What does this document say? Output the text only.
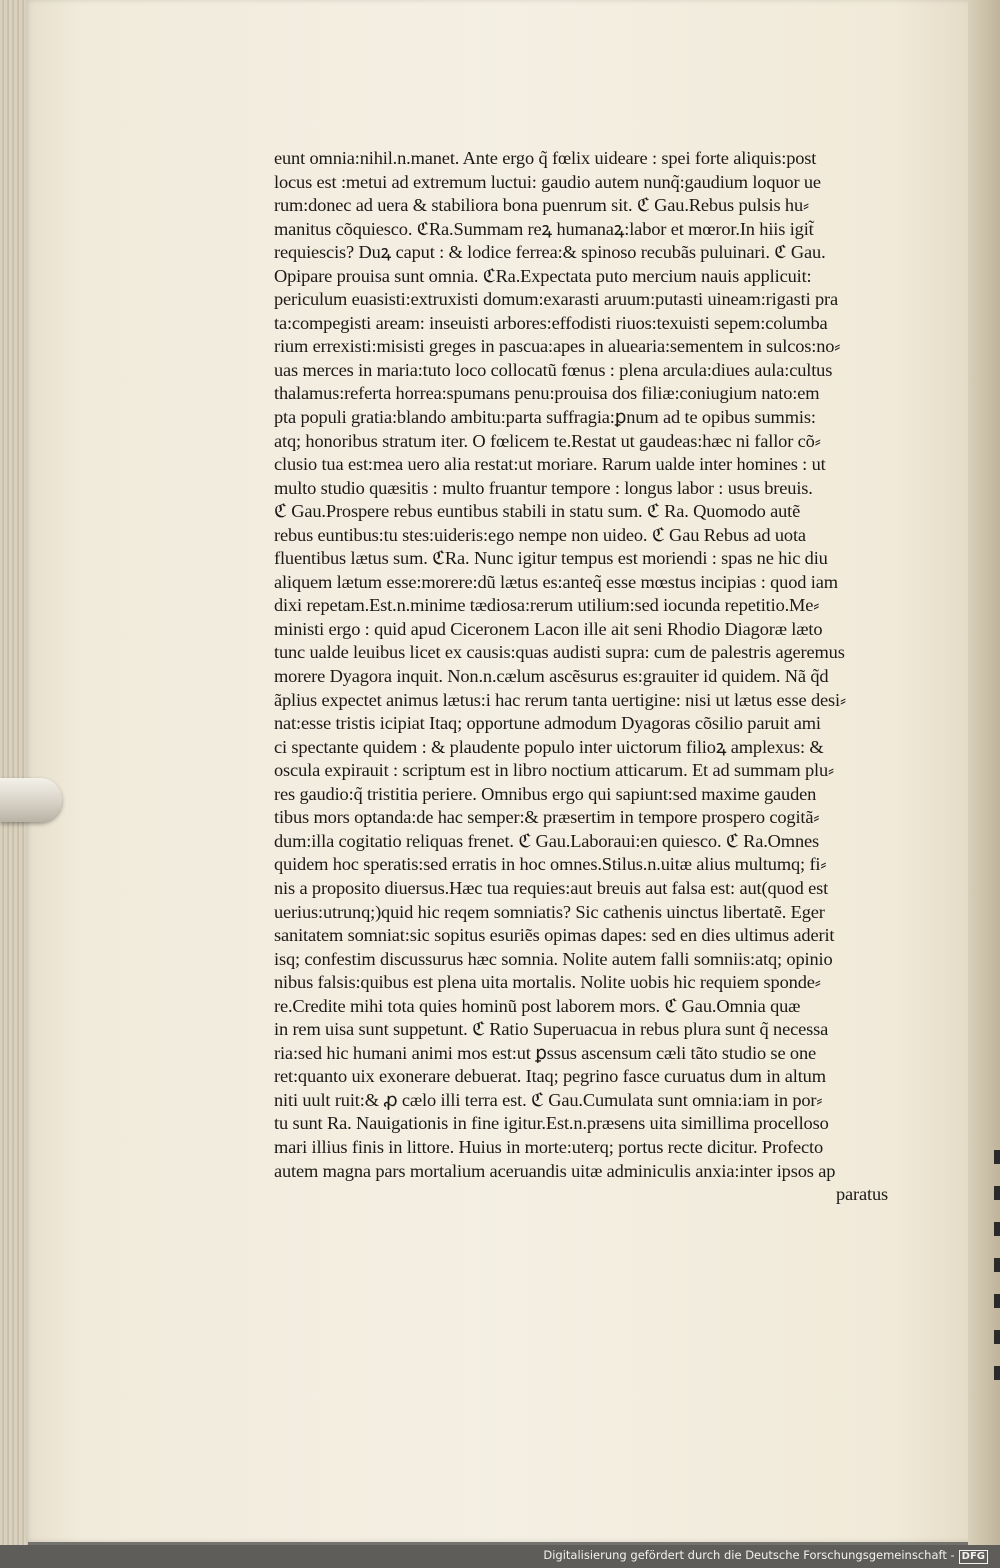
eunt omnia:nihil.n.manet. Ante ergo q̃ fœlix uideare : spei forte aliquis:post
locus est :metui ad extremum luctui: gaudio autem nunq̃:gaudium loquor ue
rum:donec ad uera & stabiliora bona puenrum sit. ℭ Gau.Rebus pulsis hu⸗
manitus cõquiesco. ℭRa.Summam reꝝ humanaꝝ:labor et mœror.In hiis igit̃
requiescis? Duꝝ caput : & lodice ferrea:& spinoso recubãs puluinari. ℭ Gau.
Opipare prouisa sunt omnia. ℭRa.Expectata puto mercium nauis applicuit:
periculum euasisti:extruxisti domum:exarasti aruum:putasti uineam:rigasti pra
ta:compegisti aream: inseuisti arbores:effodisti riuos:texuisti sepem:columba
rium errexisti:misisti greges in pascua:apes in aluearia:sementem in sulcos:no⸗
uas merces in maria:tuto loco collocatũ fœnus : plena arcula:diues aula:cultus
thalamus:referta horrea:spumans penu:prouisa dos filiæ:coniugium nato:em
pta populi gratia:blando ambitu:parta suffragia:ꝑnum ad te opibus summis:
atq; honoribus stratum iter. O fœlicem te.Restat ut gaudeas:hæc ni fallor cõ⸗
clusio tua est:mea uero alia restat:ut moriare. Rarum ualde inter homines : ut
multo studio quæsitis : multo fruantur tempore : longus labor : usus breuis.
ℭ Gau.Prospere rebus euntibus stabili in statu sum. ℭ Ra. Quomodo autẽ
rebus euntibus:tu stes:uideris:ego nempe non uideo. ℭ Gau Rebus ad uota
fluentibus lætus sum. ℭRa. Nunc igitur tempus est moriendi : spas ne hic diu
aliquem lætum esse:morere:dũ lætus es:anteq̃ esse mœstus incipias : quod iam
dixi repetam.Est.n.minime tædiosa:rerum utilium:sed iocunda repetitio.Me⸗
ministi ergo : quid apud Ciceronem Lacon ille ait seni Rhodio Diagoræ læto
tunc ualde leuibus licet ex causis:quas audisti supra: cum de palestris ageremus
morere Dyagora inquit. Non.n.cælum ascẽsurus es:grauiter id quidem. Nã q̃d
ãplius expectet animus lætus:i hac rerum tanta uertigine: nisi ut lætus esse desi⸗
nat:esse tristis icipiat Itaq; opportune admodum Dyagoras cõsilio paruit ami
ci spectante quidem : & plaudente populo inter uictorum filioꝝ amplexus: &
oscula expirauit : scriptum est in libro noctium atticarum. Et ad summam plu⸗
res gaudio:q̃ tristitia periere. Omnibus ergo qui sapiunt:sed maxime gauden
tibus mors optanda:de hac semper:& præsertim in tempore prospero cogitã⸗
dum:illa cogitatio reliquas frenet. ℭ Gau.Laboraui:en quiesco. ℭ Ra.Omnes
quidem hoc speratis:sed erratis in hoc omnes.Stilus.n.uitæ alius multumq; fi⸗
nis a proposito diuersus.Hæc tua requies:aut breuis aut falsa est: aut(quod est
uerius:utrunq;)quid hic reqem somniatis? Sic cathenis uinctus libertatẽ. Eger
sanitatem somniat:sic sopitus esuriẽs opimas dapes: sed en dies ultimus aderit
isq; confestim discussurus hæc somnia. Nolite autem falli somniis:atq; opinio
nibus falsis:quibus est plena uita mortalis. Nolite uobis hic requiem sponde⸗
re.Credite mihi tota quies hominũ post laborem mors. ℭ Gau.Omnia quæ
in rem uisa sunt suppetunt. ℭ Ratio Superuacua in rebus plura sunt q̃ necessa
ria:sed hic humani animi mos est:ut ꝑssus ascensum cæli tãto studio se one
ret:quanto uix exonerare debuerat. Itaq; pegrino fasce curuatus dum in altum
niti uult ruit:& ꝓ cælo illi terra est. ℭ Gau.Cumulata sunt omnia:iam in por⸗
tu sunt Ra. Nauigationis in fine igitur.Est.n.præsens uita simillima procelloso
mari illius finis in littore. Huius in morte:uterq; portus recte dicitur. Profecto
autem magna pars mortalium aceruandis uitæ adminiculis anxia:inter ipsos ap
paratus
Digitalisierung gefördert durch die Deutsche Forschungsgemeinschaft - DFG
